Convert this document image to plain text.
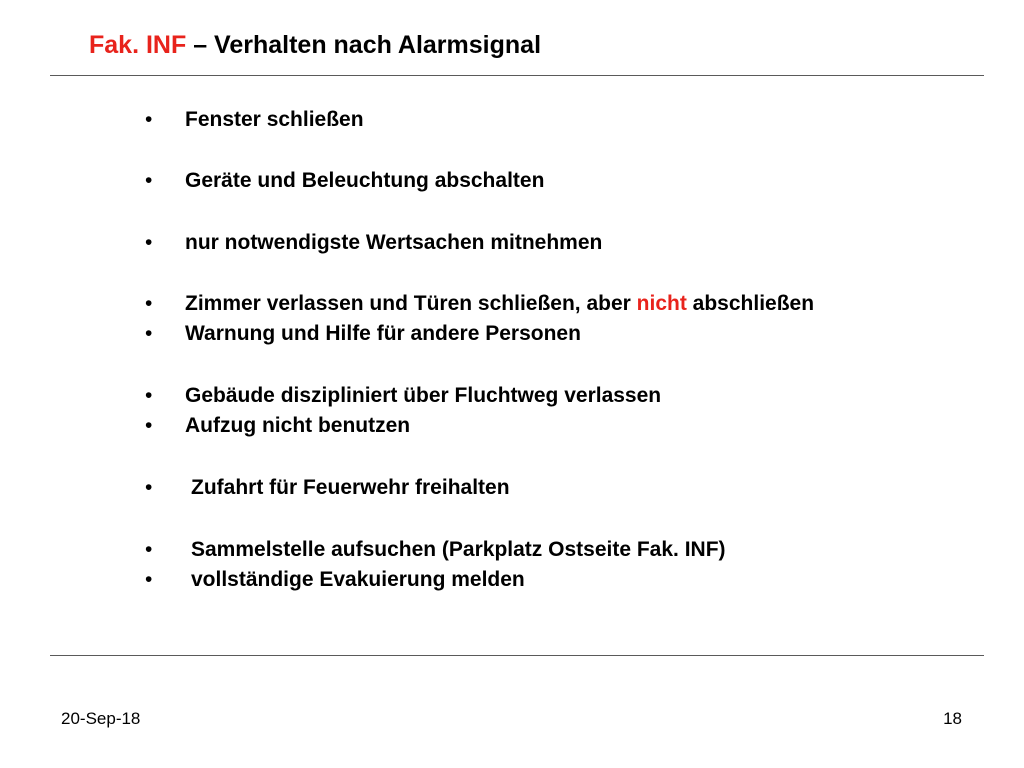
Fak. INF – Verhalten nach Alarmsignal
• Fenster schließen
• Geräte und Beleuchtung abschalten
• nur notwendigste Wertsachen mitnehmen
• Zimmer verlassen und Türen schließen, aber nicht abschließen
• Warnung und Hilfe für andere Personen
• Gebäude diszipliniert über Fluchtweg verlassen
• Aufzug nicht benutzen
• Zufahrt für Feuerwehr freihalten
• Sammelstelle aufsuchen (Parkplatz Ostseite Fak. INF)
• vollständige Evakuierung melden
20-Sep-18	18
